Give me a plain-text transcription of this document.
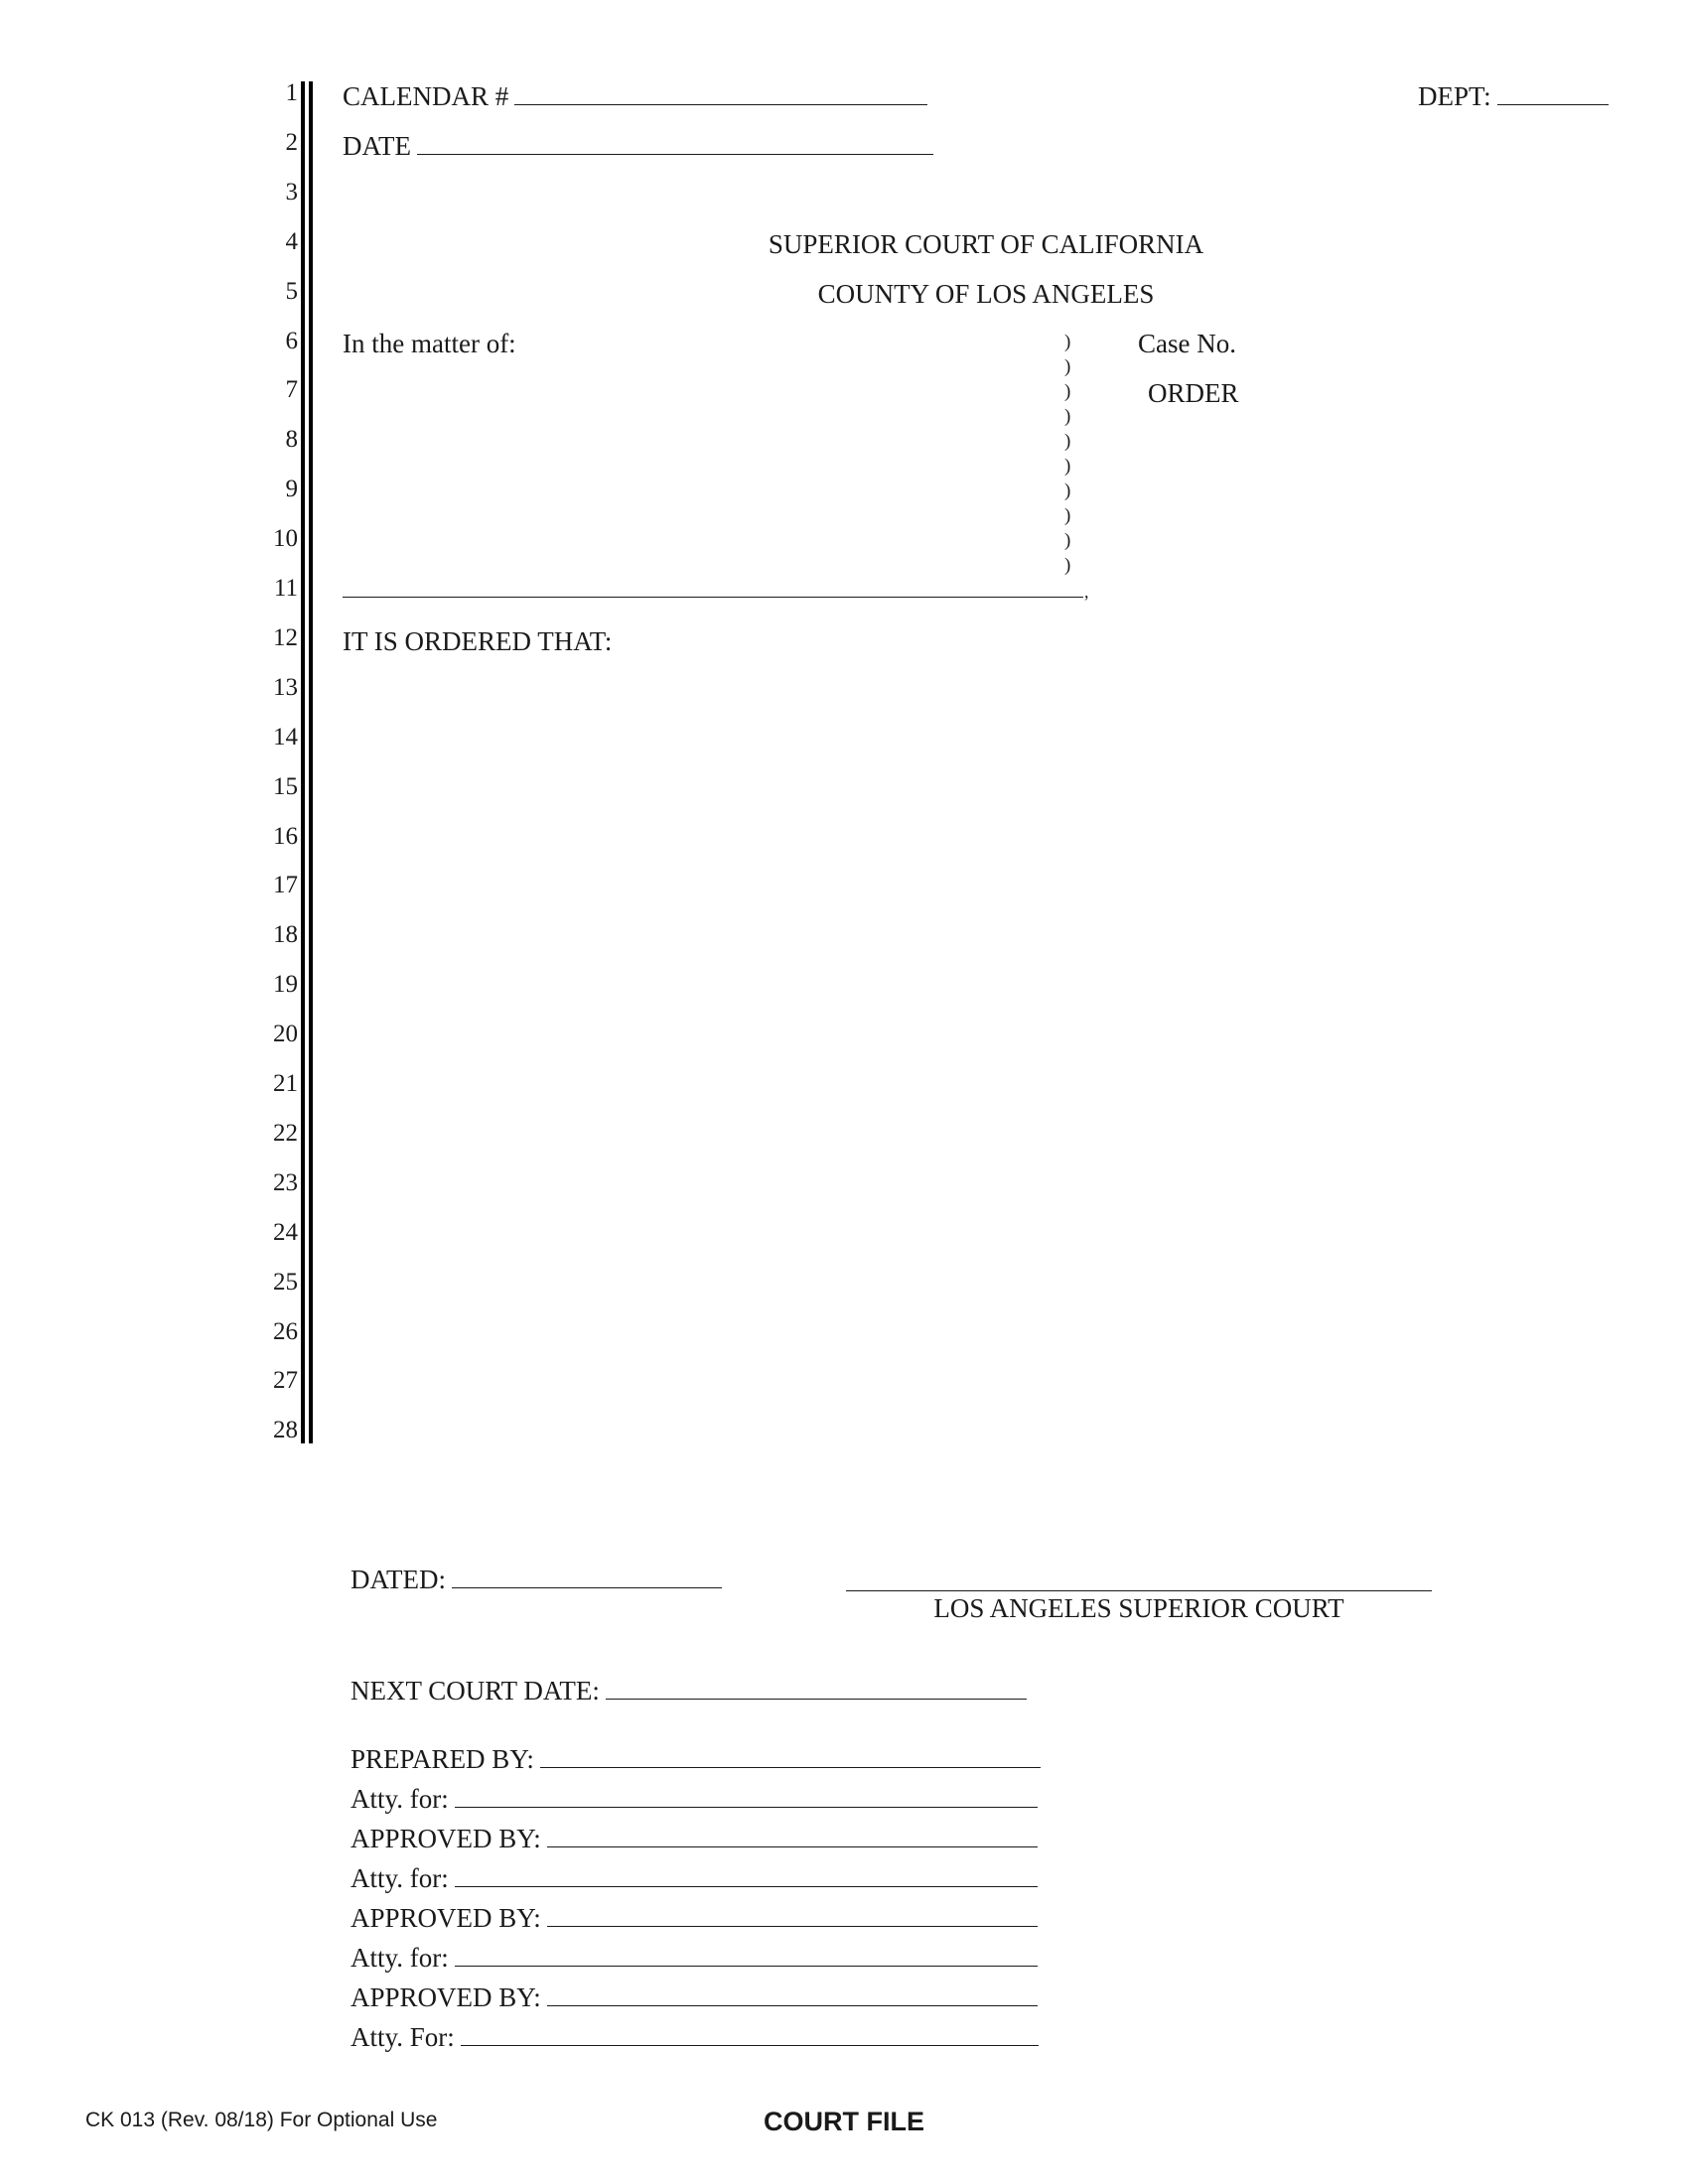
CALENDAR #	DEPT:
DATE
1
2
3
4
5
6
7
8
9
10
11
12
13
14
15
16
17
18
19
20
21
22
23
24
25
26
27
28
SUPERIOR COURT OF CALIFORNIA
COUNTY OF LOS ANGELES
In the matter of:	Case No.
ORDER
)
)
)
)
)
)
)
)
)
)
,
IT IS ORDERED THAT:
DATED:
LOS ANGELES SUPERIOR COURT
NEXT COURT DATE:
PREPARED BY:
Atty. for:
APPROVED BY:
Atty. for:
APPROVED BY:
Atty. for:
APPROVED BY:
Atty. For:
CK 013 (Rev. 08/18) For Optional Use	COURT FILE
